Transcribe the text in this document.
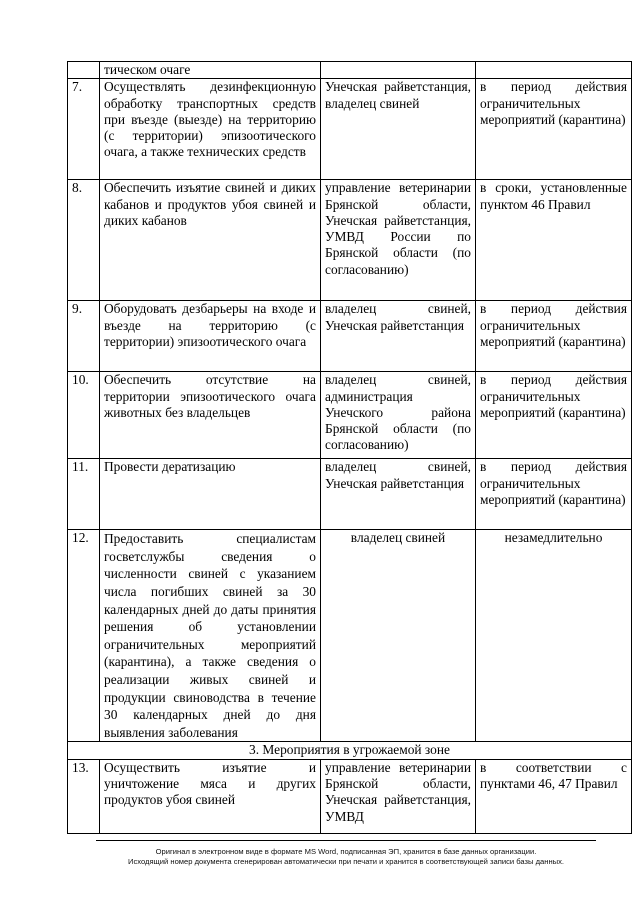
	тическом очаге		
7.	Осуществлять дезинфекционную обработку транспортных средств при въезде (выезде) на территорию (с территории) эпизоотического очага, а также технических средств	Унечская райветстанция, владелец свиней	в период действия ограничительных мероприятий (карантина)
8.	Обеспечить изъятие свиней и диких кабанов и продуктов убоя свиней и диких кабанов	управление ветеринарии Брянской области, Унечская райветстанция, УМВД России по Брянской области (по согласованию)	в сроки, установленные пунктом 46 Правил
9.	Оборудовать дезбарьеры на входе и въезде на территорию (с территории) эпизоотического очага	владелец свиней, Унечская райветстанция	в период действия ограничительных мероприятий (карантина)
10.	Обеспечить отсутствие на территории эпизоотического очага животных без владельцев	владелец свиней, администрация Унечского района Брянской области (по согласованию)	в период действия ограничительных мероприятий (карантина)
11.	Провести дератизацию	владелец свиней, Унечская райветстанция	в период действия ограничительных мероприятий (карантина)
12.	Предоставить специалистам госветслужбы сведения о численности свиней с указанием числа погибших свиней за 30 календарных дней до даты принятия решения об установлении ограничительных мероприятий (карантина), а также сведения о реализации живых свиней и продукции свиноводства в течение 30 календарных дней до дня выявления заболевания	владелец свиней	незамедлительно
3. Мероприятия в угрожаемой зоне			
13.	Осуществить изъятие и уничтожение мяса и других продуктов убоя свиней	управление ветеринарии Брянской области, Унечская райветстанция, УМВД	в соответствии с пунктами 46, 47 Правил
Оригинал в электронном виде в формате MS Word, подписанная ЭП, хранится в базе данных организации.
Исходящий номер документа сгенерирован автоматически при печати и хранится в соответствующей записи базы данных.
